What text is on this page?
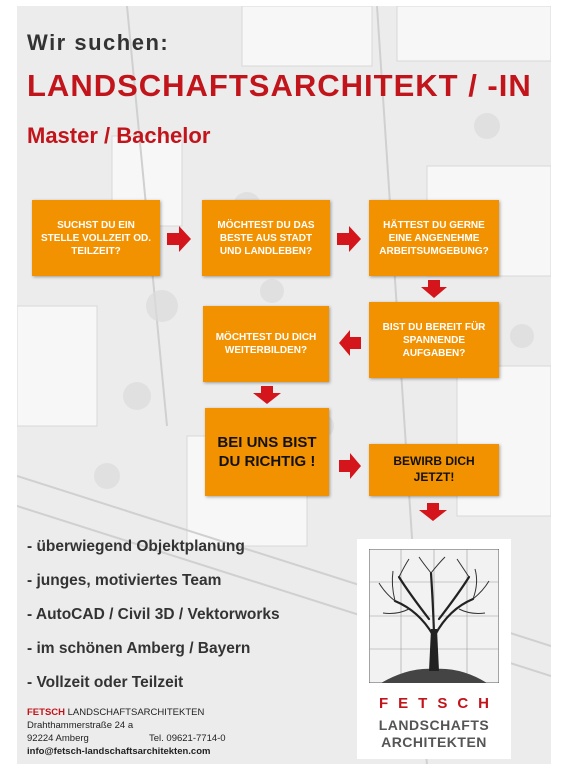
Wir suchen:
LANDSCHAFTSARCHITEKT / -IN
Master / Bachelor
SUCHST DU EIN STELLE VOLLZEIT OD. TEILZEIT?
MÖCHTEST DU DAS BESTE AUS STADT UND LANDLEBEN?
HÄTTEST DU GERNE EINE ANGENEHME ARBEITSUMGEBUNG?
BIST DU BEREIT FÜR SPANNENDE AUFGABEN?
MÖCHTEST DU DICH WEITERBILDEN?
BEI UNS BIST DU RICHTIG !	BEWIRB DICH JETZT!
- überwiegend Objektplanung
- junges, motiviertes Team
- AutoCAD / Civil 3D / Vektorworks
- im schönen Amberg / Bayern
- Vollzeit oder Teilzeit
FETSCH LANDSCHAFTSARCHITEKTEN
Drahthammerstraße 24 a
92224 Amberg	Tel. 09621-7714-0
info@fetsch-landschaftsarchitekten.com
FETSCH
LANDSCHAFTS
ARCHITEKTEN
